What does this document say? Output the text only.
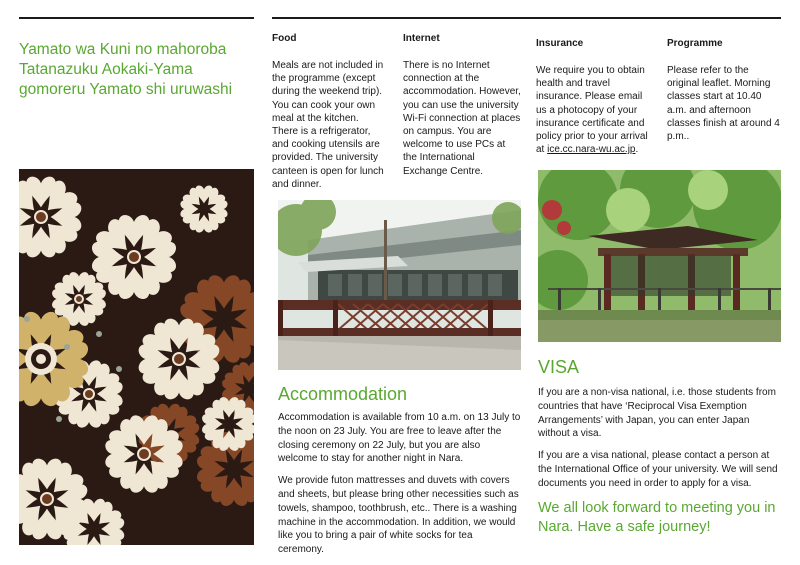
Yamato wa Kuni no mahoroba
Tatanazuku Aokaki-Yama
gomoreru Yamato shi uruwashi
Food

Meals are not included in the programme (except during the weekend trip). You can cook your own meal at the kitchen. There is a refrigerator, and cooking utensils are provided. The university canteen is open for lunch and dinner.

Internet

There is no Internet connection at the accommodation. However, you can use the university Wi-Fi connection at places on campus. You are welcome to use PCs at the International Exchange Centre.

Insurance

We require you to obtain health and travel insurance. Please email us a photocopy of your insurance certificate and policy prior to your arrival at ice.cc.nara-wu.ac.jp.

Programme

Please refer to the original leaflet. Morning classes start at 10.40 a.m. and afternoon classes finish at around 4 p.m..

Accommodation

Accommodation is available from 10 a.m. on 13 July to the noon on 23 July. You are free to leave after the closing ceremony on 22 July, but you are also welcome to stay for another night in Nara.

We provide futon mattresses and duvets with covers and sheets, but please bring other necessities such as towels, shampoo, toothbrush, etc.. There is a washing machine in the accommodation. In addition, we would like you to bring a pair of white socks for tea ceremony.

VISA

If you are a non-visa national, i.e. those students from countries that have ‘Reciprocal Visa Exemption Arrangements’ with Japan, you can enter Japan without a visa.

If you are a visa national, please contact a person at the International Office of your university. We will send documents you need in order to apply for a visa.

We all look forward to meeting you in
Nara. Have a safe journey!
